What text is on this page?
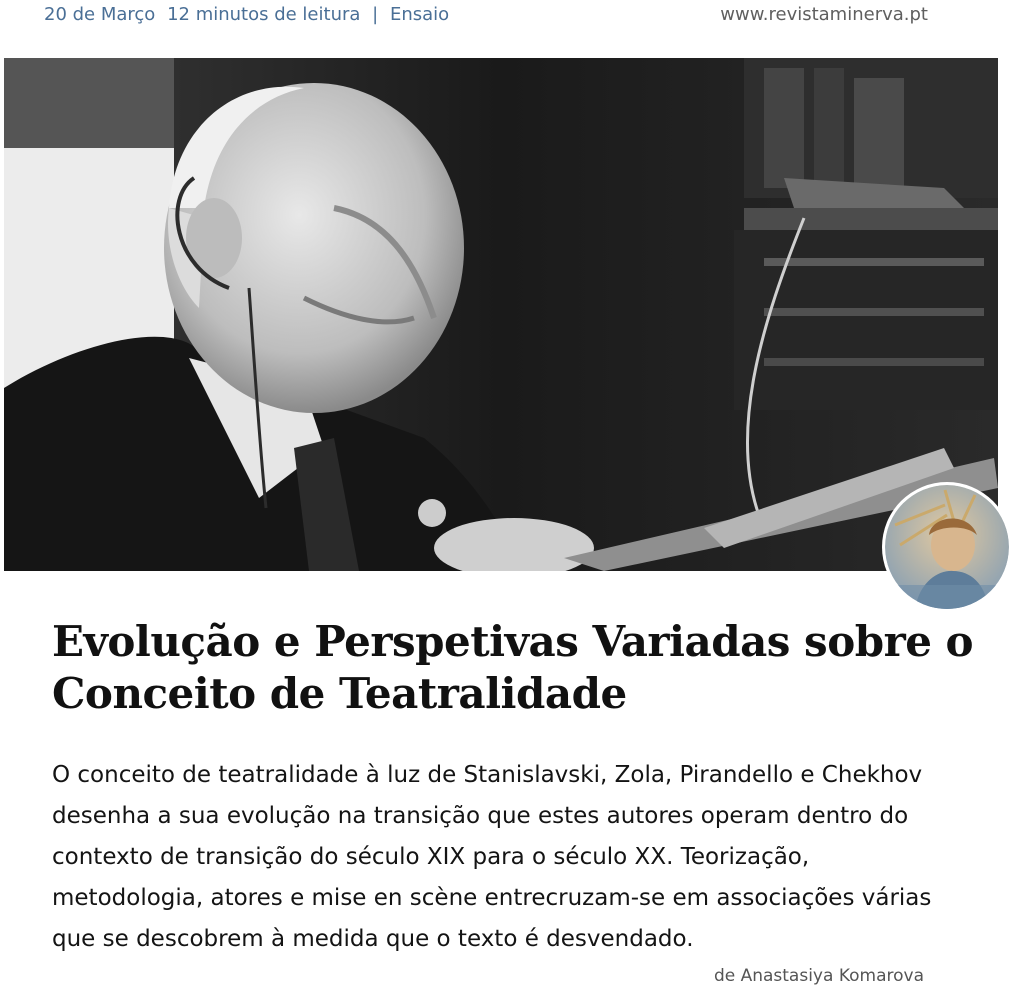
20 de Março 12 minutos de leitura | Ensaio	www.revistaminerva.pt
Evolução e Perspetivas Variadas sobre o Conceito de Teatralidade

O conceito de teatralidade à luz de Stanislavski, Zola, Pirandello e Chekhov desenha a sua evolução na transição que estes autores operam dentro do contexto de transição do século XIX para o século XX. Teorização, metodologia, atores e mise en scène entrecruzam-se em associações várias que se descobrem à medida que o texto é desvendado.

de Anastasiya Komarova
